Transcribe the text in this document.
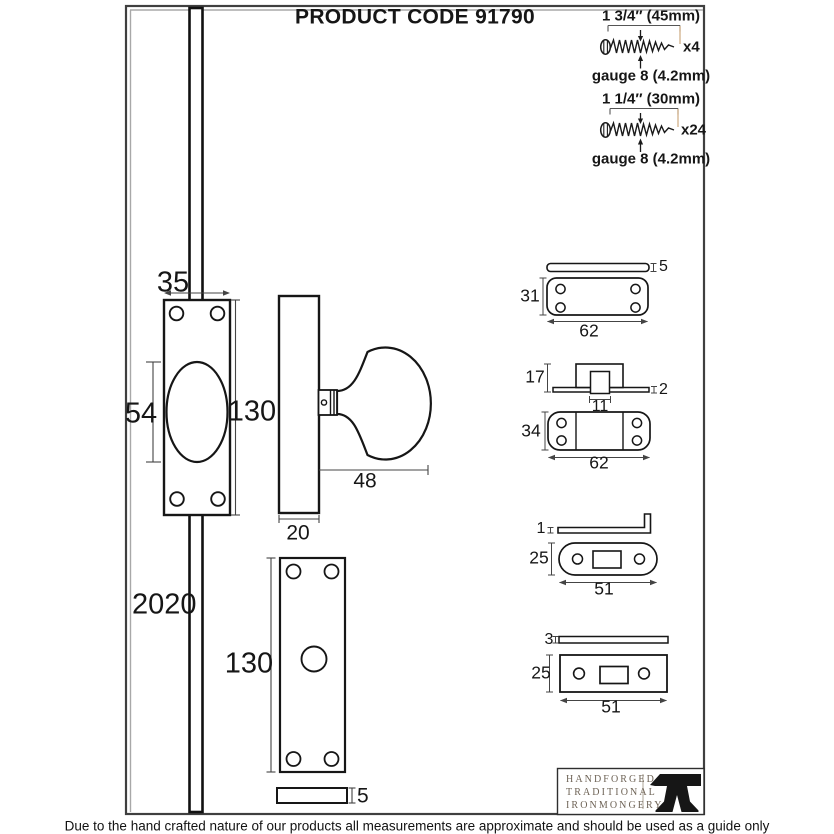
PRODUCT CODE 91790	1 3/4″ (45mm)
x4
gauge 8 (4.2mm)
1 1/4″ (30mm)
x24
gauge 8 (4.2mm)
35
54 130
2020
48
20
130
5
5
31
62
17
2
11
34
62
1
25
51
3
25
51
HANDFORGED
TRADITIONAL
IRONMONGERY
Due to the hand crafted nature of our products all measurements are approximate and should be used as a guide only
